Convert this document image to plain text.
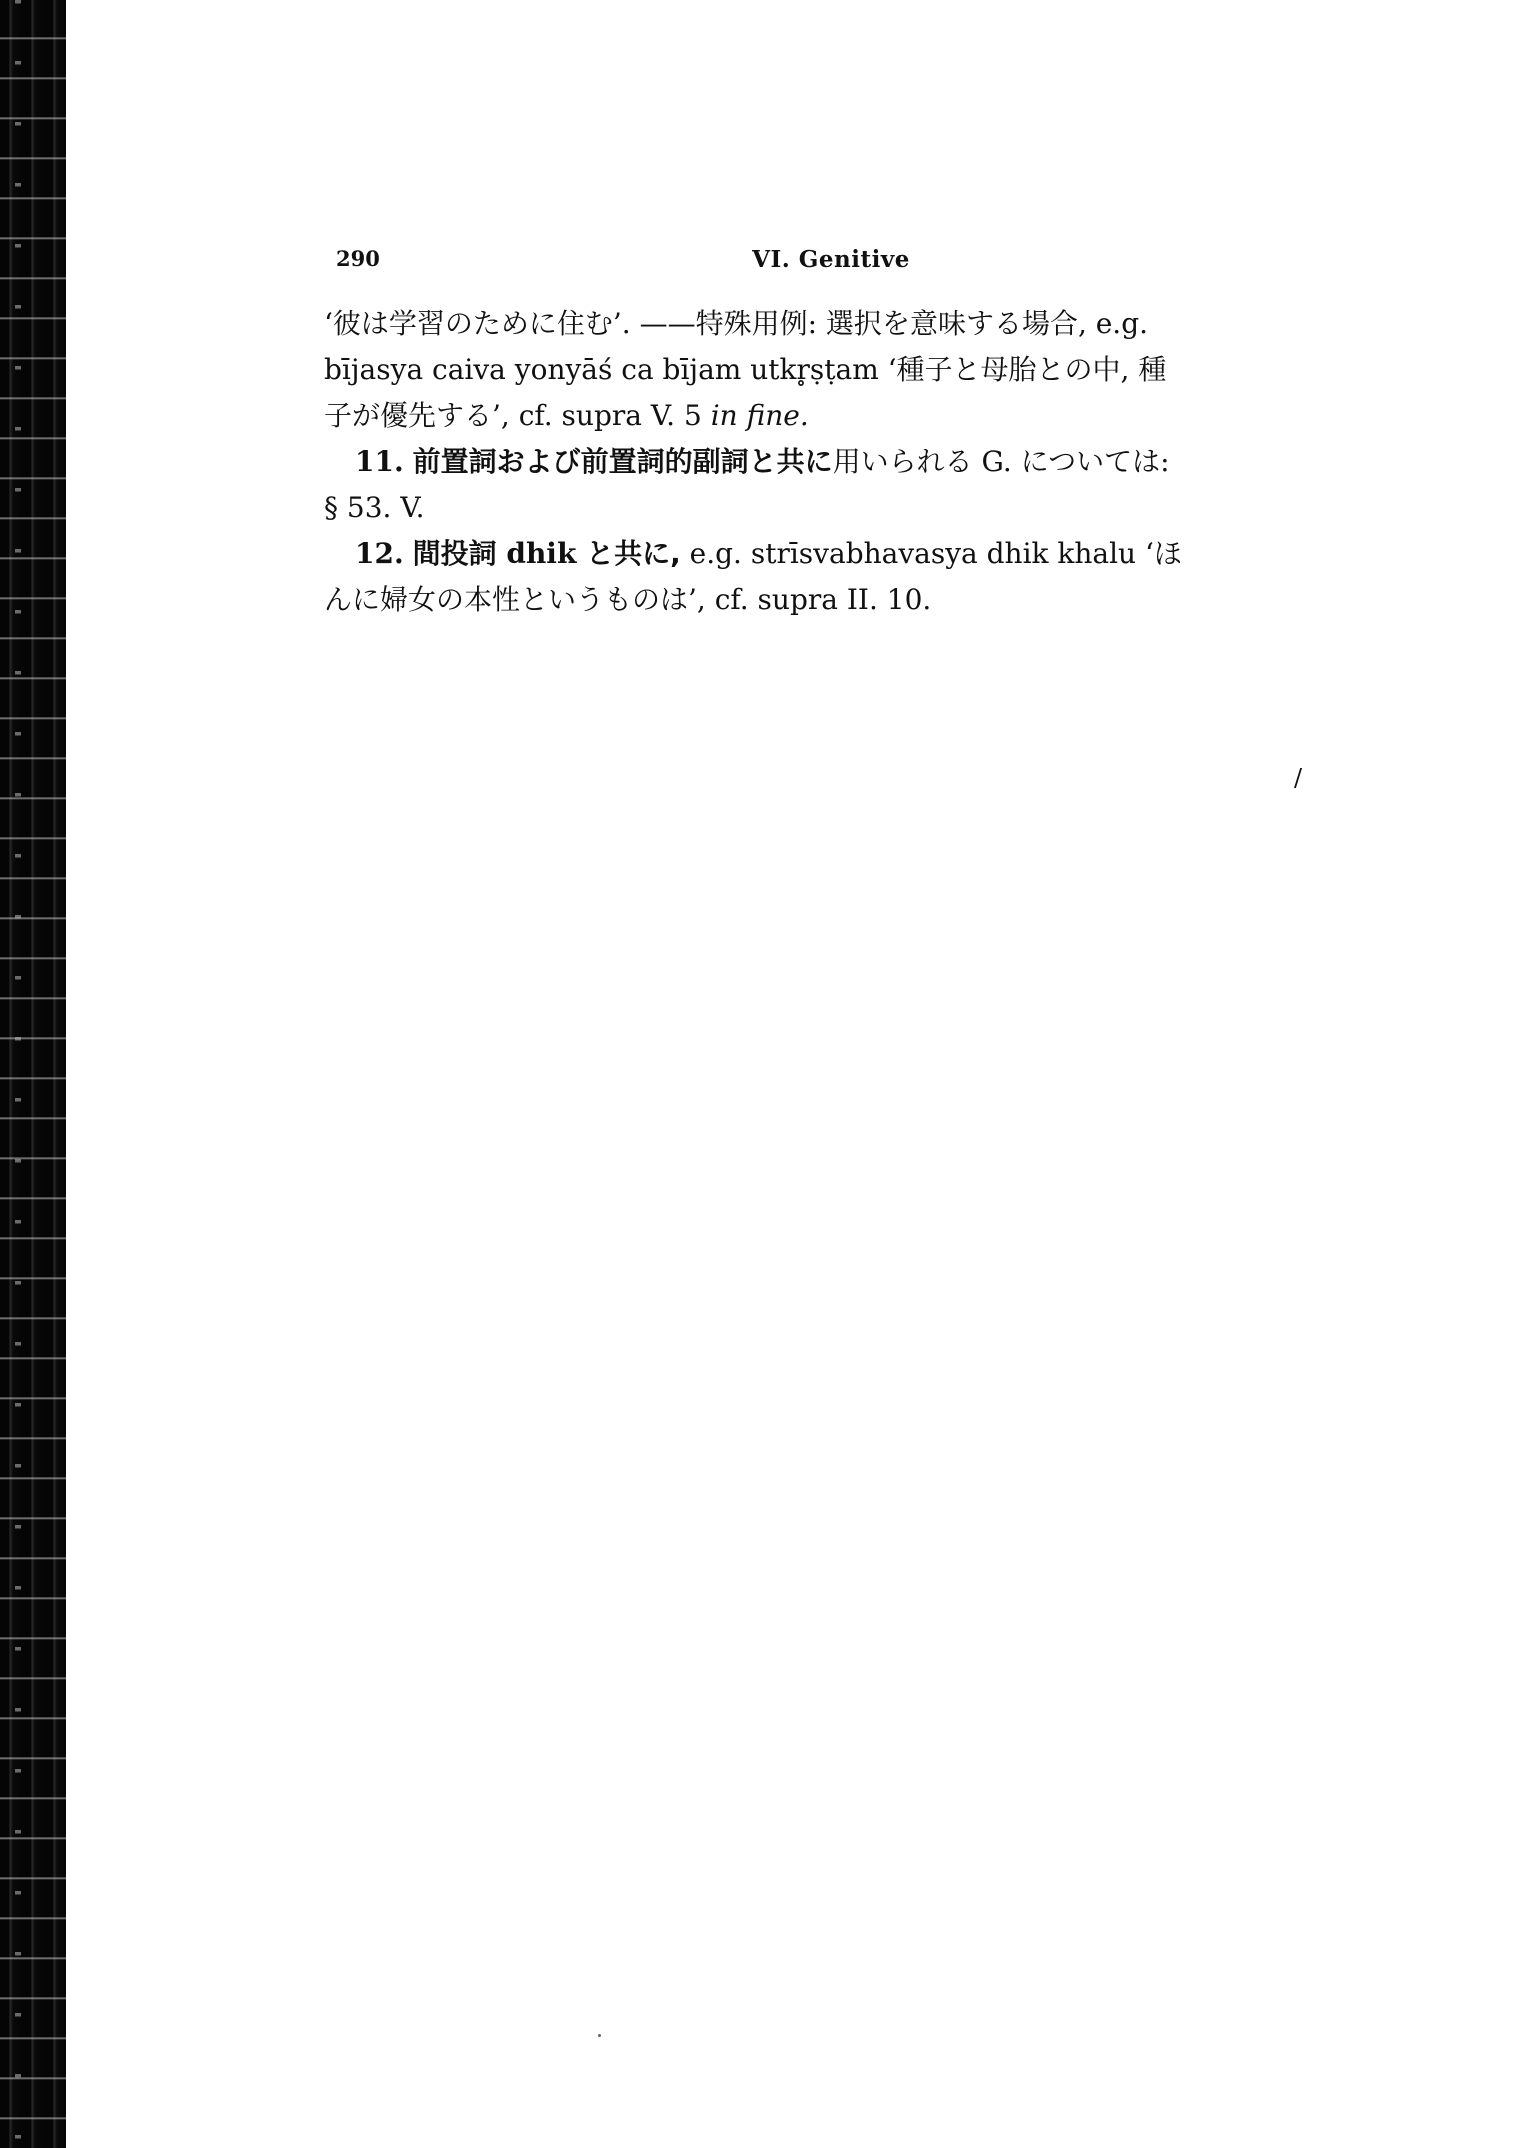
290	VI. Genitive

‘彼は学習のために住む’. ——特殊用例: 選択を意味する場合, e.g.
bījasya caiva yonyāś ca bījam utkr̥ṣṭam ‘種子と母胎との中, 種
子が優先する’, cf. supra V. 5 in fine.

11. 前置詞および前置詞的副詞と共に用いられる G. については:
§ 53. V.

12. 間投詞 dhik と共に, e.g. strīsvabhavasya dhik khalu ‘ほ
んに婦女の本性というものは’, cf. supra II. 10.

/
